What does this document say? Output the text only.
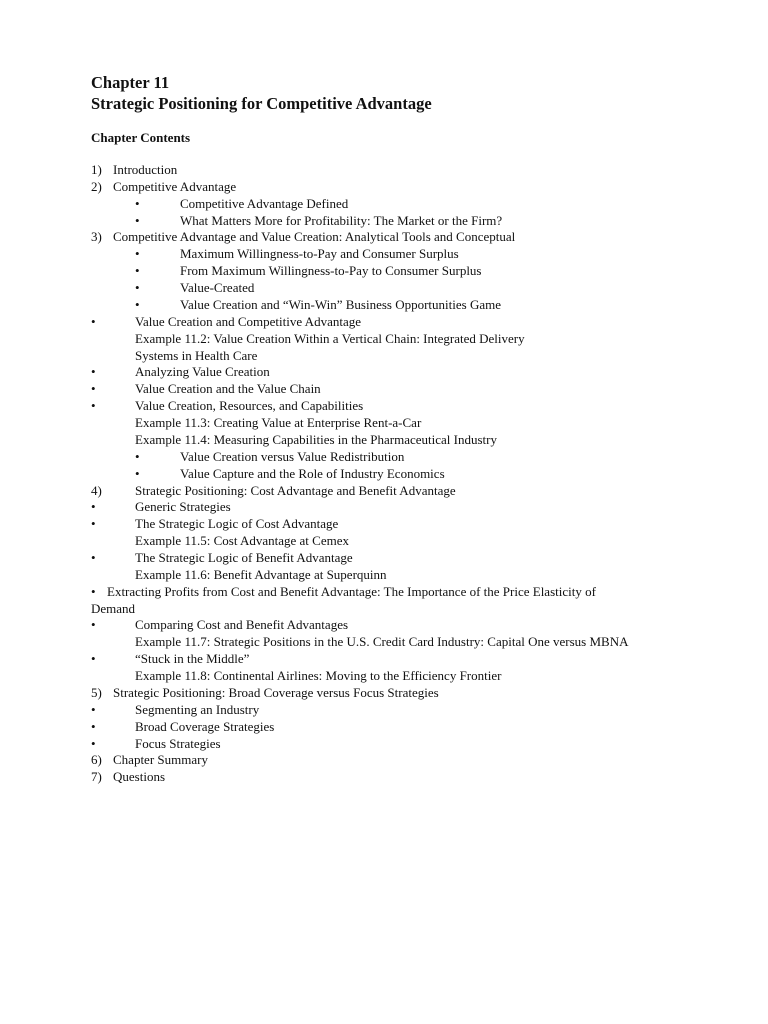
Chapter 11
Strategic Positioning for Competitive Advantage
Chapter Contents
1) Introduction
2) Competitive Advantage
•	Competitive Advantage Defined
•	What Matters More for Profitability: The Market or the Firm?
3) Competitive Advantage and Value Creation: Analytical Tools and Conceptual
•	Maximum Willingness-to-Pay and Consumer Surplus
•	From Maximum Willingness-to-Pay to Consumer Surplus
•	Value-Created
•	Value Creation and “Win-Win” Business Opportunities Game
•	Value Creation and Competitive Advantage
Example 11.2: Value Creation Within a Vertical Chain: Integrated Delivery
Systems in Health Care
•	Analyzing Value Creation
•	Value Creation and the Value Chain
•	Value Creation, Resources, and Capabilities
Example 11.3: Creating Value at Enterprise Rent-a-Car
Example 11.4: Measuring Capabilities in the Pharmaceutical Industry
•	Value Creation versus Value Redistribution
•	Value Capture and the Role of Industry Economics
4)	Strategic Positioning: Cost Advantage and Benefit Advantage
•	Generic Strategies
•	The Strategic Logic of Cost Advantage
Example 11.5: Cost Advantage at Cemex
•	The Strategic Logic of Benefit Advantage
Example 11.6: Benefit Advantage at Superquinn
• Extracting Profits from Cost and Benefit Advantage: The Importance of the Price Elasticity of
Demand
•	Comparing Cost and Benefit Advantages
Example 11.7: Strategic Positions in the U.S. Credit Card Industry: Capital One versus MBNA
•	“Stuck in the Middle”
Example 11.8: Continental Airlines: Moving to the Efficiency Frontier
5) Strategic Positioning: Broad Coverage versus Focus Strategies
•	Segmenting an Industry
•	Broad Coverage Strategies
•	Focus Strategies
6) Chapter Summary
7) Questions
